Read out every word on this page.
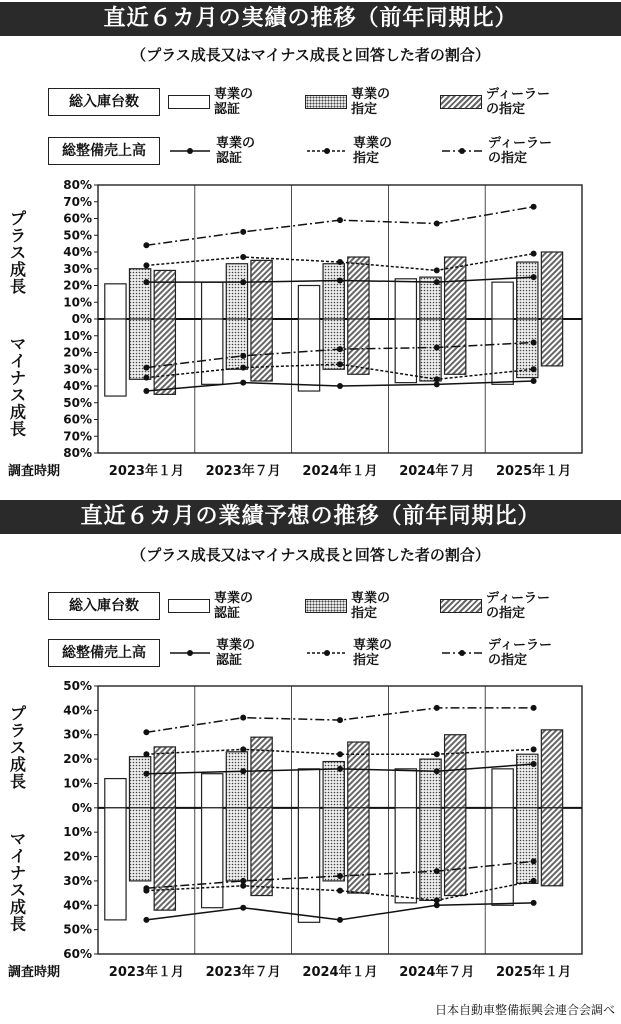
直近６カ月の実績の推移（前年同期比）
（プラス成長又はマイナス成長と回答した者の割合）
総入庫台数	専業の
認証
専業の
指定
ディーラー
の指定
総整備売上高	専業の
認証
専業の
指定
ディーラー
の指定
80%
70%
60%
50%
40%
30%
20%
10%
0%
10%
20%
30%
40%
50%
60%
70%
80%
プラス成長
マイナス成長
調査時期	2023年１月 2023年７月 2024年１月 2024年７月 2025年１月
直近６カ月の業績予想の推移（前年同期比）
（プラス成長又はマイナス成長と回答した者の割合）
総入庫台数	専業の
認証
専業の
指定
ディーラー
の指定
総整備売上高	専業の
認証
専業の
指定
ディーラー
の指定
50%
40%
30%
20%
10%
0%
10%
20%
30%
40%
50%
60%
プラス成長
マイナス成長
調査時期	2023年１月 2023年７月 2024年１月 2024年７月 2025年１月
日本自動車整備振興会連合会調べ
